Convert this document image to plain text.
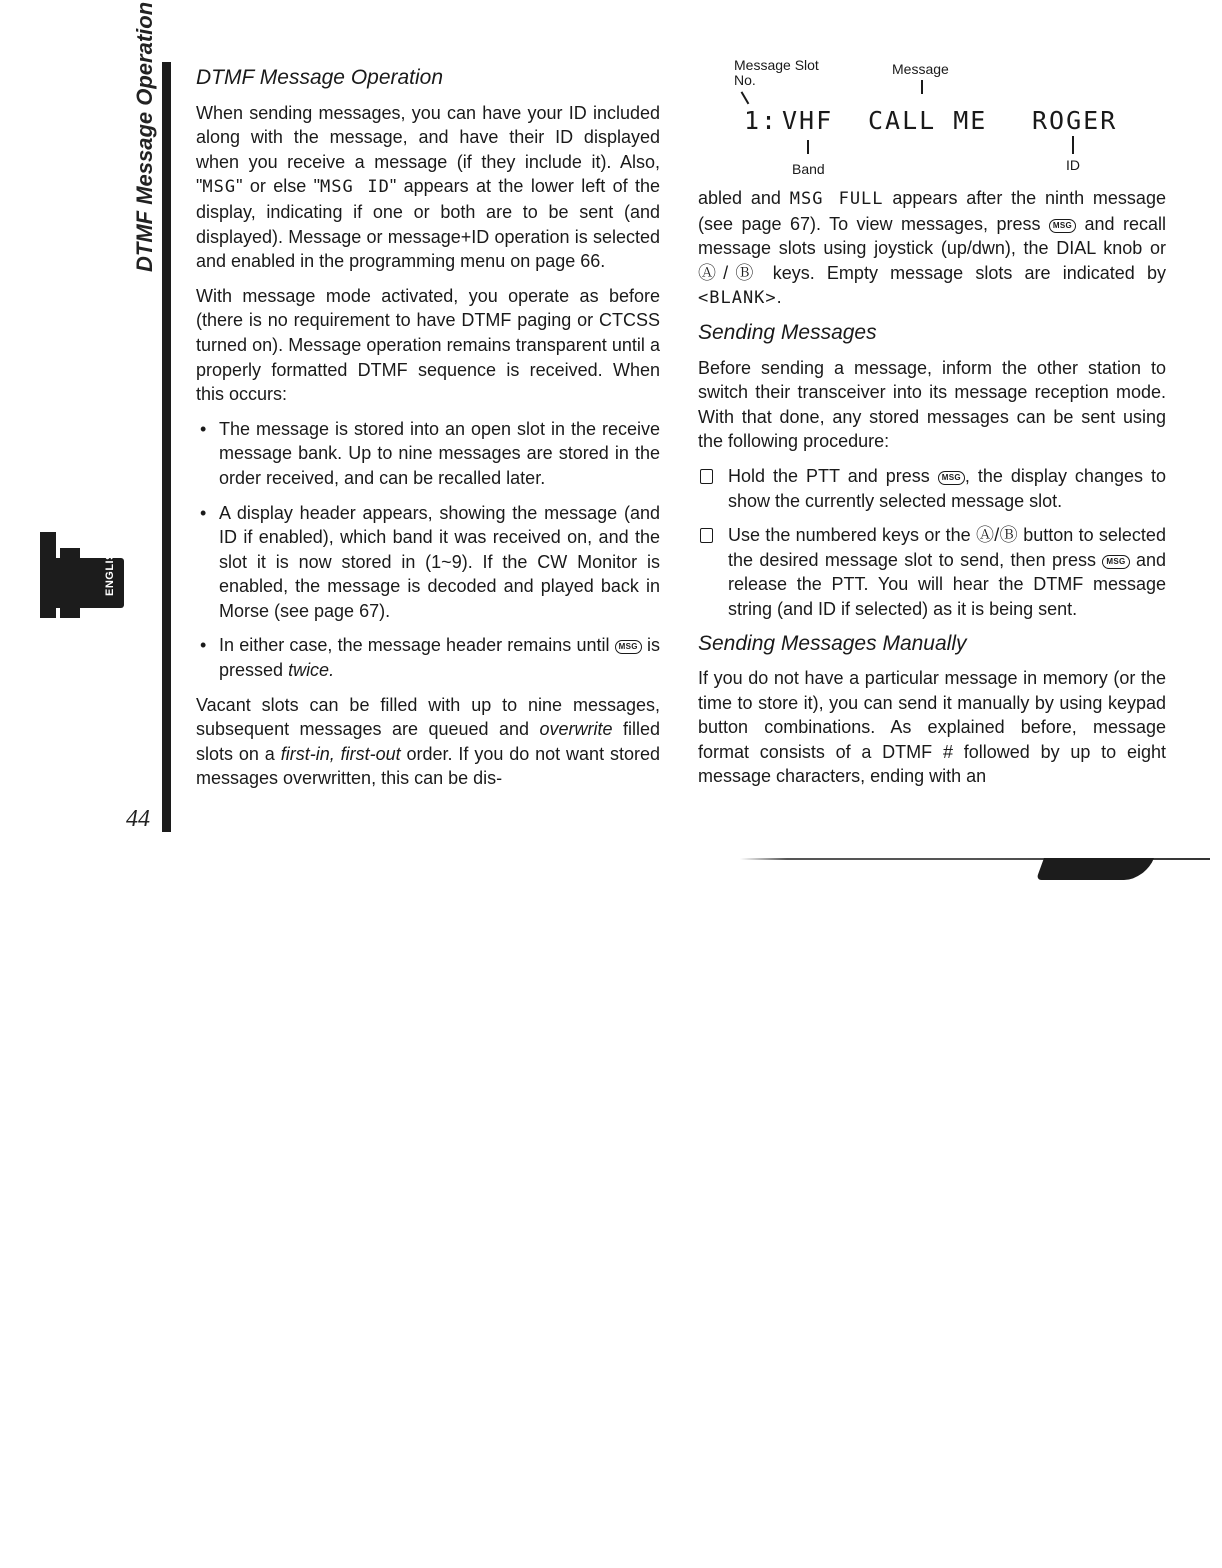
DTMF Message Operation
44
ENGLISH
DTMF Message Operation

When sending messages, you can have your ID included along with the message, and have their ID displayed when you receive a message (if they include it). Also, "MSG" or else "MSG ID" appears at the lower left of the display, indicating if one or both are to be sent (and displayed). Message or message+ID operation is selected and enabled in the programming menu on page 66.

With message mode activated, you operate as before (there is no requirement to have DTMF paging or CTCSS turned on). Message operation remains transparent until a properly formatted DTMF sequence is received. When this occurs:

• The message is stored into an open slot in the receive message bank. Up to nine messages are stored in the order received, and can be recalled later.
• A display header appears, showing the message (and ID if enabled), which band it was received on, and the slot it is now stored in (1~9). If the CW Monitor is enabled, the message is decoded and played back in Morse (see page 67).
• In either case, the message header remains until MSG is pressed twice.

Vacant slots can be filled with up to nine messages, subsequent messages are queued and overwrite filled slots on a first-in, first-out order. If you do not want stored messages overwritten, this can be dis-

Message Slot No.
Message
1: VHF CALL ME ROGER
Band	ID

abled and MSG FULL appears after the ninth message (see page 67). To view messages, press MSG and recall message slots using joystick (up/dwn), the DIAL knob or Ⓐ/Ⓑ keys. Empty message slots are indicated by <BLANK>.

Sending Messages

Before sending a message, inform the other station to switch their transceiver into its message reception mode. With that done, any stored messages can be sent using the following procedure:

Hold the PTT and press MSG , the display changes to show the currently selected message slot.
Use the numbered keys or the Ⓐ/Ⓑ button to selected the desired message slot to send, then press MSG and release the PTT. You will hear the DTMF message string (and ID if selected) as it is being sent.
Sending Messages Manually

If you do not have a particular message in memory (or the time to store it), you can send it manually by using keypad button combinations. As explained before, message format consists of a DTMF # followed by up to eight message characters, ending with an
